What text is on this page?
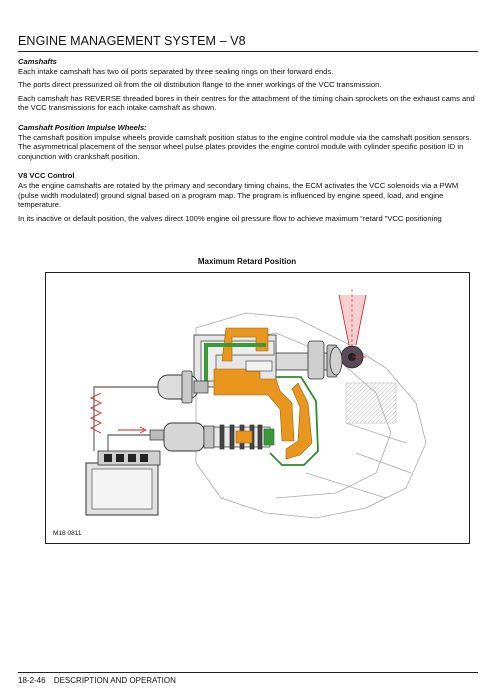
ENGINE MANAGEMENT SYSTEM – V8
Camshafts
Each intake camshaft has two oil ports separated by three sealing rings on their forward ends.
The ports direct pressurized oil from the oil distribution flange to the inner workings of the VCC transmission.
Each camshaft has REVERSE threaded bores in their centres for the attachment of the timing chain sprockets on the exhaust cams and the VCC transmissions for each intake camshaft as shown.
Camshaft Position Impulse Wheels:
The camshaft position impulse wheels provide camshaft position status to the engine control module via the camshaft position sensors. The asymmetrical placement of the sensor wheel pulse plates provides the engine control module with cylinder specific position ID in conjunction with crankshaft position.
V8 VCC Control
As the engine camshafts are rotated by the primary and secondary timing chains, the ECM activates the VCC solenoids via a PWM (pulse width modulated) ground signal based on a program map. The program is influenced by engine speed, load, and engine temperature.
In its inactive or default position, the valves direct 100% engine oil pressure flow to achieve maximum “retard ”VCC positioning
Maximum Retard Position
M18 0811
18-2-46 DESCRIPTION AND OPERATION
